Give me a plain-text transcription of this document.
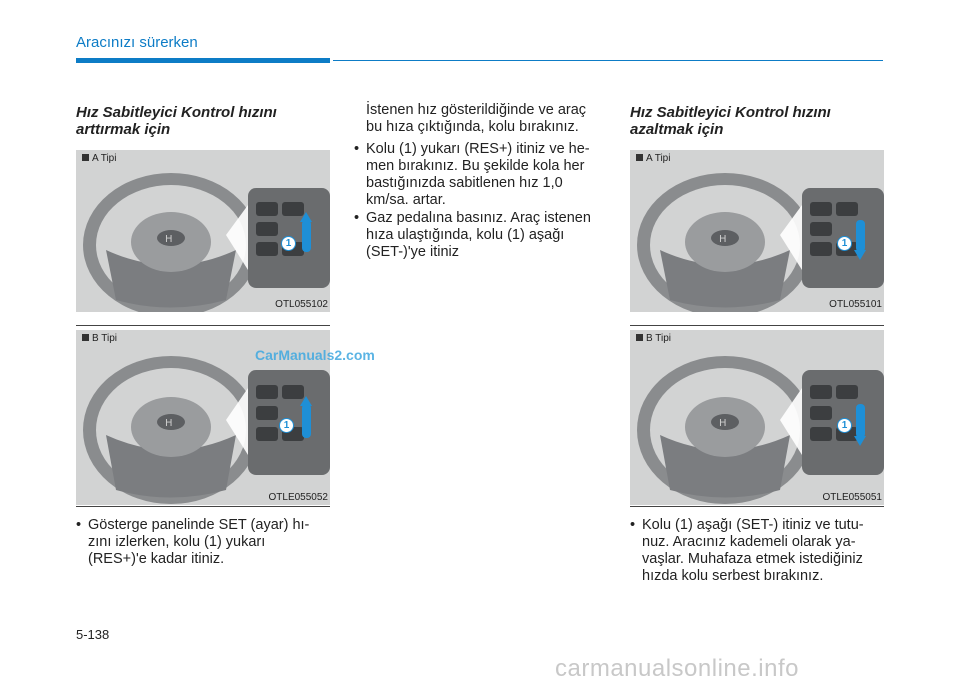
Aracınızı sürerken
Hız Sabitleyici Kontrol hızını
arttırmak için
H
A Tipi
1
OTL055102
H
B Tipi
1
OTLE055052
• Gösterge panelinde SET (ayar) hı-
zını izlerken, kolu (1) yukarı
(RES+)'e kadar itiniz.
İstenen hız gösterildiğinde ve araç
bu hıza çıktığında, kolu bırakınız.
• Kolu (1) yukarı (RES+) itiniz ve he-
men bırakınız. Bu şekilde kola her
bastığınızda sabitlenen hız 1,0
km/sa. artar.
• Gaz pedalına basınız. Araç istenen
hıza ulaştığında, kolu (1) aşağı
(SET-)'ye itiniz
Hız Sabitleyici Kontrol hızını
azaltmak için
H
A Tipi
1
OTL055101
H
B Tipi
1
OTLE055051
• Kolu (1) aşağı (SET-) itiniz ve tutu-
nuz. Aracınız kademeli olarak ya-
vaşlar. Muhafaza etmek istediğiniz
hızda kolu serbest bırakınız.
CarManuals2.com
5-138
carmanualsonline.info
